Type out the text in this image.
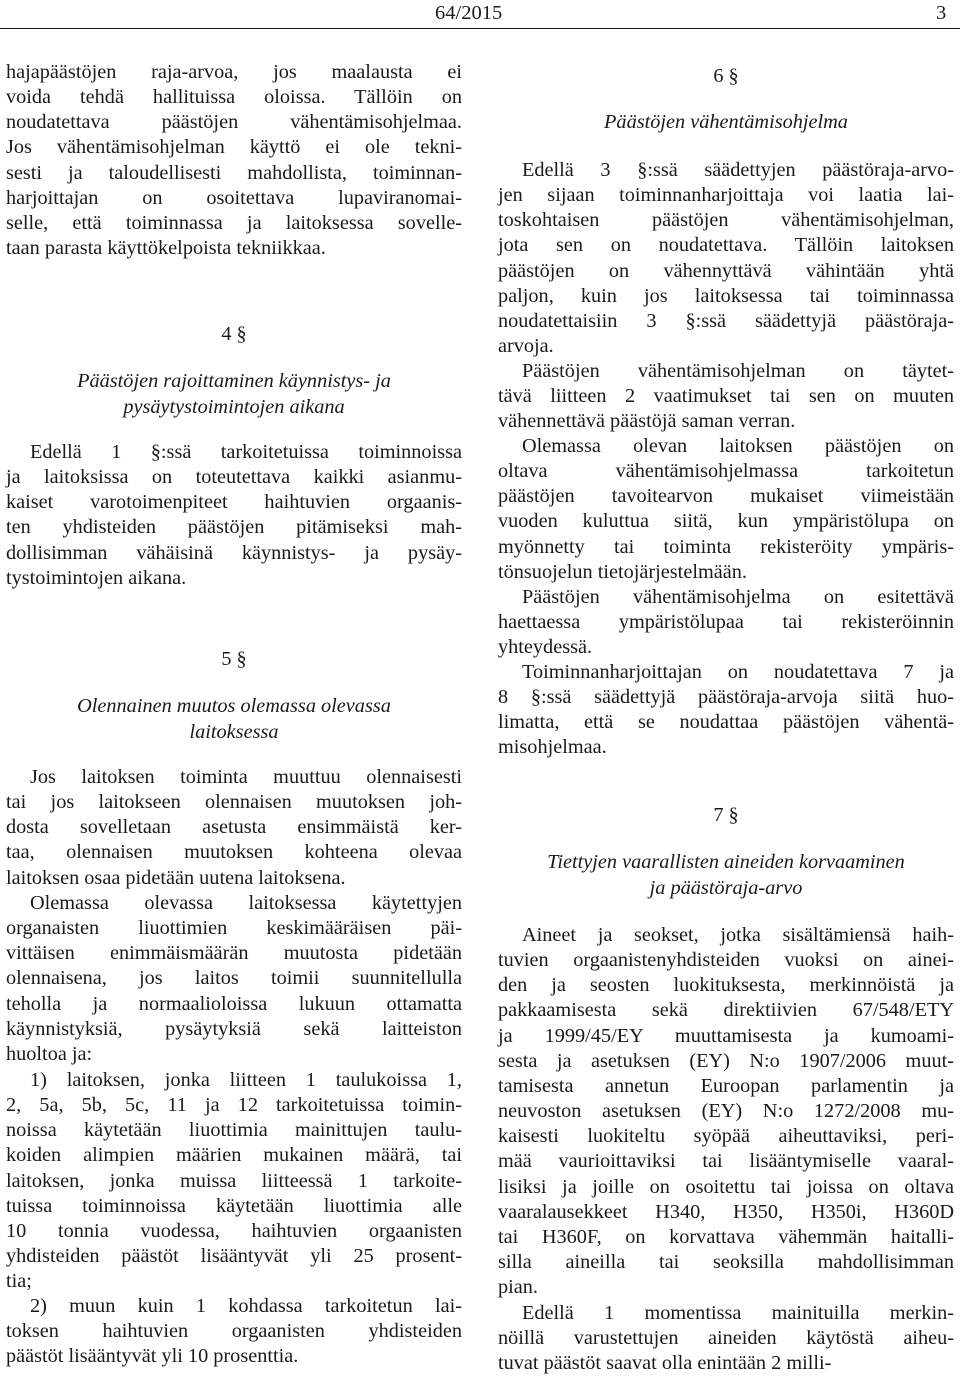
64/2015	3
hajapäästöjen raja-arvoa, jos maalausta ei
voida tehdä hallituissa oloissa. Tällöin on
noudatettava päästöjen vähentämisohjelmaa.
Jos vähentämisohjelman käyttö ei ole tekni-
sesti ja taloudellisesti mahdollista, toiminnan-
harjoittajan on osoitettava lupaviranomai-
selle, että toiminnassa ja laitoksessa sovelle-
taan parasta käyttökelpoista tekniikkaa.
4 §
Päästöjen rajoittaminen käynnistys- ja
pysäytystoimintojen aikana
Edellä 1 §:ssä tarkoitetuissa toiminnoissa
ja laitoksissa on toteutettava kaikki asianmu-
kaiset varotoimenpiteet haihtuvien orgaanis-
ten yhdisteiden päästöjen pitämiseksi mah-
dollisimman vähäisinä käynnistys- ja pysäy-
tystoimintojen aikana.
5 §
Olennainen muutos olemassa olevassa
laitoksessa
Jos laitoksen toiminta muuttuu olennaisesti
tai jos laitokseen olennaisen muutoksen joh-
dosta sovelletaan asetusta ensimmäistä ker-
taa, olennaisen muutoksen kohteena olevaa
laitoksen osaa pidetään uutena laitoksena.
Olemassa olevassa laitoksessa käytettyjen
organaisten liuottimien keskimääräisen päi-
vittäisen enimmäismäärän muutosta pidetään
olennaisena, jos laitos toimii suunnitellulla
teholla ja normaalioloissa lukuun ottamatta
käynnistyksiä, pysäytyksiä sekä laitteiston
huoltoa ja:
1) laitoksen, jonka liitteen 1 taulukoissa 1,
2, 5a, 5b, 5c, 11 ja 12 tarkoitetuissa toimin-
noissa käytetään liuottimia mainittujen taulu-
koiden alimpien määrien mukainen määrä, tai
laitoksen, jonka muissa liitteessä 1 tarkoite-
tuissa toiminnoissa käytetään liuottimia alle
10 tonnia vuodessa, haihtuvien orgaanisten
yhdisteiden päästöt lisääntyvät yli 25 prosent-
tia;
2) muun kuin 1 kohdassa tarkoitetun lai-
toksen haihtuvien orgaanisten yhdisteiden
päästöt lisääntyvät yli 10 prosenttia.
6 §
Päästöjen vähentämisohjelma
Edellä 3 §:ssä säädettyjen päästöraja-arvo-
jen sijaan toiminnanharjoittaja voi laatia lai-
toskohtaisen päästöjen vähentämisohjelman,
jota sen on noudatettava. Tällöin laitoksen
päästöjen on vähennyttävä vähintään yhtä
paljon, kuin jos laitoksessa tai toiminnassa
noudatettaisiin 3 §:ssä säädettyjä päästöraja-
arvoja.
Päästöjen vähentämisohjelman on täytet-
tävä liitteen 2 vaatimukset tai sen on muuten
vähennettävä päästöjä saman verran.
Olemassa olevan laitoksen päästöjen on
oltava vähentämisohjelmassa tarkoitetun
päästöjen tavoitearvon mukaiset viimeistään
vuoden kuluttua siitä, kun ympäristölupa on
myönnetty tai toiminta rekisteröity ympäris-
tönsuojelun tietojärjestelmään.
Päästöjen vähentämisohjelma on esitettävä
haettaessa ympäristölupaa tai rekisteröinnin
yhteydessä.
Toiminnanharjoittajan on noudatettava 7 ja
8 §:ssä säädettyjä päästöraja-arvoja siitä huo-
limatta, että se noudattaa päästöjen vähentä-
misohjelmaa.
7 §
Tiettyjen vaarallisten aineiden korvaaminen
ja päästöraja-arvo
Aineet ja seokset, jotka sisältämiensä haih-
tuvien orgaanistenyhdisteiden vuoksi on ainei-
den ja seosten luokituksesta, merkinnöistä ja
pakkaamisesta sekä direktiivien 67/548/ETY
ja 1999/45/EY muuttamisesta ja kumoami-
sesta ja asetuksen (EY) N:o 1907/2006 muut-
tamisesta annetun Euroopan parlamentin ja
neuvoston asetuksen (EY) N:o 1272/2008 mu-
kaisesti luokiteltu syöpää aiheuttaviksi, peri-
mää vaurioittaviksi tai lisääntymiselle vaaral-
lisiksi ja joille on osoitettu tai joissa on oltava
vaaralausekkeet H340, H350, H350i, H360D
tai H360F, on korvattava vähemmän haitalli-
silla aineilla tai seoksilla mahdollisimman
pian.
Edellä 1 momentissa mainituilla merkin-
nöillä varustettujen aineiden käytöstä aiheu-
tuvat päästöt saavat olla enintään 2 milli-
